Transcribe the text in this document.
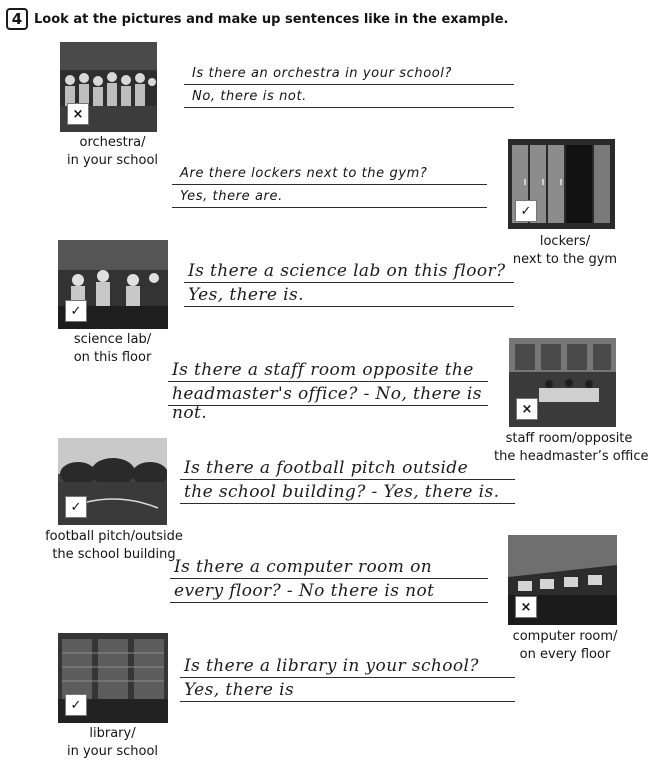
4 Look at the pictures and make up sentences like in the example.
×
orchestra/
in your school
Is there an orchestra in your school?
No, there is not.
✓
lockers/
next to the gym
Are there lockers next to the gym?
Yes, there are.
✓
science lab/
on this floor
Is there a science lab on this floor?
Yes, there is.
×
staff room/opposite
the headmaster’s office
Is there a staff room opposite the
headmaster's office? - No, there is
not.
✓
football pitch/outside
the school building
Is there a football pitch outside
the school building? - Yes, there is.
×
computer room/
on every floor
Is there a computer room on
every floor? - No there is not
✓
library/
in your school
Is there a library in your school?
Yes, there is
